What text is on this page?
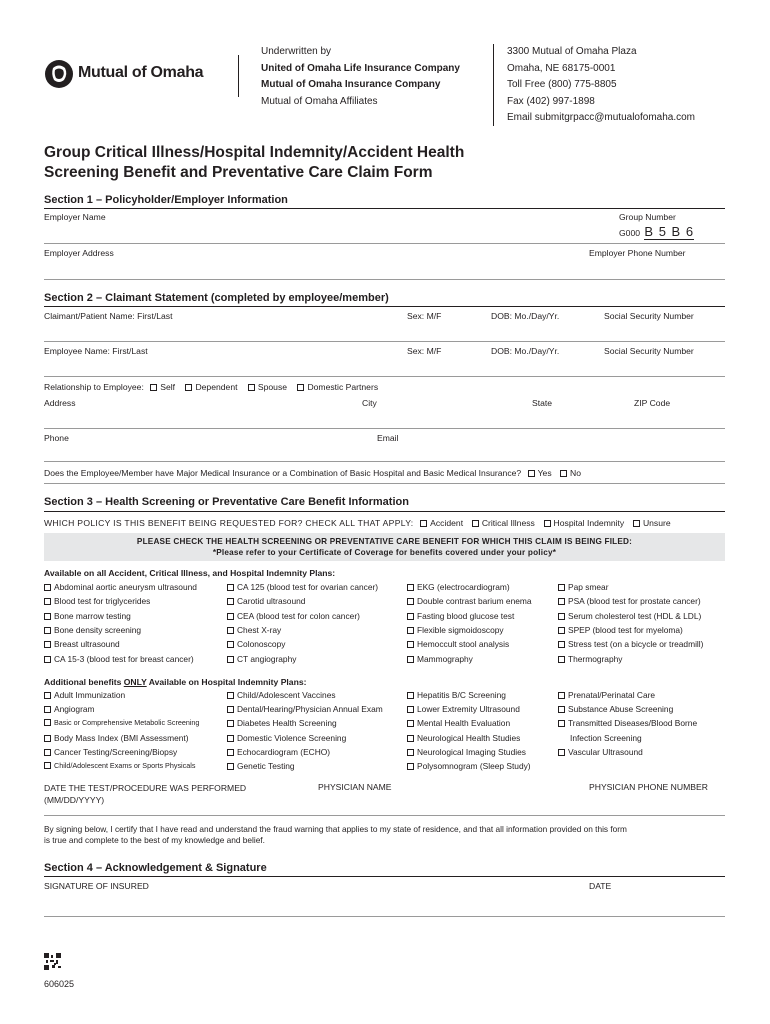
Mutual of Omaha
Underwritten by
United of Omaha Life Insurance Company
Mutual of Omaha Insurance Company
Mutual of Omaha Affiliates
3300 Mutual of Omaha Plaza
Omaha, NE 68175-0001
Toll Free (800) 775-8805
Fax (402) 997-1898
Email submitgrpacc@mutualofomaha.com
Group Critical Illness/Hospital Indemnity/Accident Health
Screening Benefit and Preventative Care Claim Form
Section 1 – Policyholder/Employer Information
Employer Name	Group Number
G000 B 5 B 6
Employer Address	Employer Phone Number
Section 2 – Claimant Statement (completed by employee/member)
Claimant/Patient Name: First/Last	Sex: M/F	DOB: Mo./Day/Yr.	Social Security Number
Employee Name: First/Last	Sex: M/F	DOB: Mo./Day/Yr.	Social Security Number
Relationship to Employee: Self Dependent Spouse Domestic Partners
Address	City	State	ZIP Code
Phone	Email
Does the Employee/Member have Major Medical Insurance or a Combination of Basic Hospital and Basic Medical Insurance? Yes No
Section 3 – Health Screening or Preventative Care Benefit Information
WHICH POLICY IS THIS BENEFIT BEING REQUESTED FOR? CHECK ALL THAT APPLY: Accident Critical Illness Hospital Indemnity Unsure
PLEASE CHECK THE HEALTH SCREENING OR PREVENTATIVE CARE BENEFIT FOR WHICH THIS CLAIM IS BEING FILED:
*Please refer to your Certificate of Coverage for benefits covered under your policy*
Available on all Accident, Critical Illness, and Hospital Indemnity Plans:
Abdominal aortic aneurysm ultrasound
Blood test for triglycerides
Bone marrow testing
Bone density screening
Breast ultrasound
CA 15-3 (blood test for breast cancer)
CA 125 (blood test for ovarian cancer)
Carotid ultrasound
CEA (blood test for colon cancer)
Chest X-ray
Colonoscopy
CT angiography
EKG (electrocardiogram)
Double contrast barium enema
Fasting blood glucose test
Flexible sigmoidoscopy
Hemoccult stool analysis
Mammography
Pap smear
PSA (blood test for prostate cancer)
Serum cholesterol test (HDL & LDL)
SPEP (blood test for myeloma)
Stress test (on a bicycle or treadmill)
Thermography
Additional benefits ONLY Available on Hospital Indemnity Plans:
Adult Immunization
Angiogram
Basic or Comprehensive Metabolic Screening
Body Mass Index (BMI Assessment)
Cancer Testing/Screening/Biopsy
Child/Adolescent Exams or Sports Physicals
Child/Adolescent Vaccines
Dental/Hearing/Physician Annual Exam
Diabetes Health Screening
Domestic Violence Screening
Echocardiogram (ECHO)
Genetic Testing
Hepatitis B/C Screening
Lower Extremity Ultrasound
Mental Health Evaluation
Neurological Health Studies
Neurological Imaging Studies
Polysomnogram (Sleep Study)
Prenatal/Perinatal Care
Substance Abuse Screening
Transmitted Diseases/Blood Borne
Infection Screening
Vascular Ultrasound
DATE THE TEST/PROCEDURE WAS PERFORMED
(MM/DD/YYYY)
PHYSICIAN NAME	PHYSICIAN PHONE NUMBER
By signing below, I certify that I have read and understand the fraud warning that applies to my state of residence, and that all information provided on this form
is true and complete to the best of my knowledge and belief.
Section 4 – Acknowledgement & Signature
SIGNATURE OF INSURED	DATE
606025
